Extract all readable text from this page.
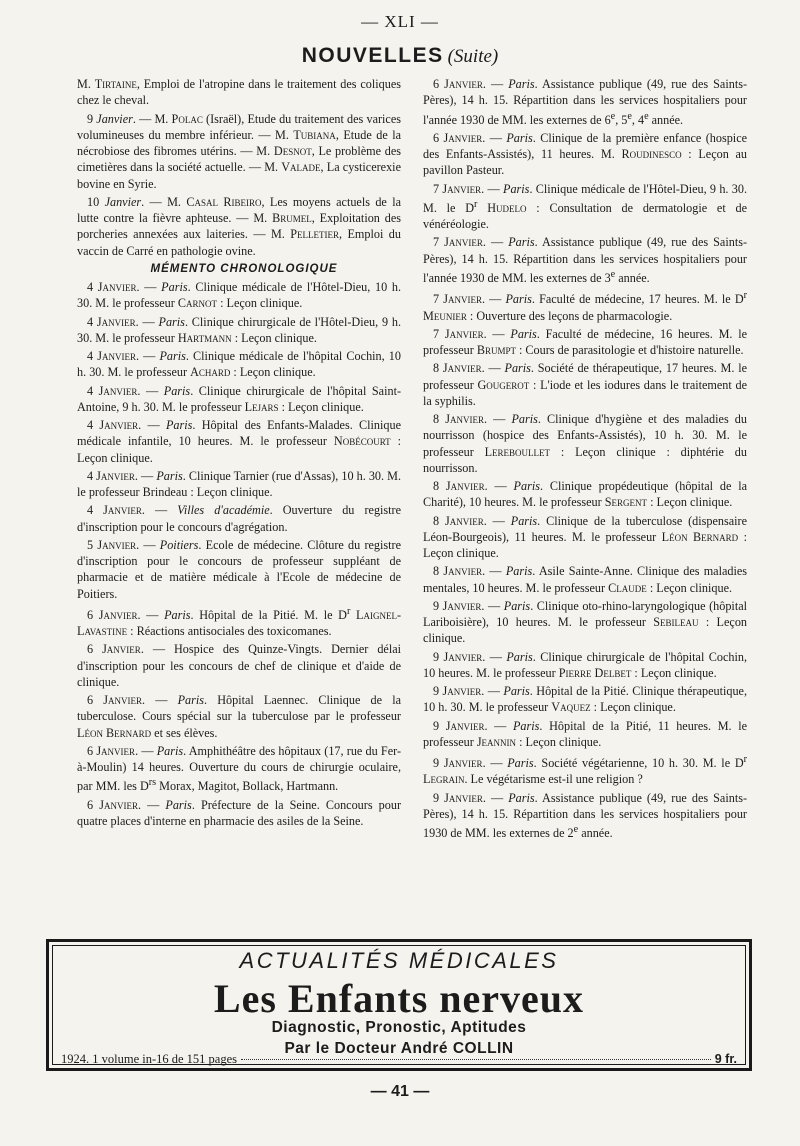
— XLI —
NOUVELLES (Suite)

M. Tirtaine, Emploi de l'atropine dans le traitement des coliques chez le cheval.

9 Janvier. — M. Polac (Israël), Etude du traitement des varices volumineuses du membre inférieur. — M. Tubiana, Etude de la nécrobiose des fibromes utérins. — M. Desnot, Le problème des cimetières dans la société actuelle. — M. Valade, La cysticerexie bovine en Syrie.

10 Janvier. — M. Casal Ribeiro, Les moyens actuels de la lutte contre la fièvre aphteuse. — M. Brumel, Exploitation des porcheries annexées aux laiteries. — M. Pelletier, Emploi du vaccin de Carré en pathologie ovine.

MÉMENTO CHRONOLOGIQUE

4 Janvier. — Paris. Clinique médicale de l'Hôtel-Dieu, 10 h. 30. M. le professeur Carnot : Leçon clinique.

4 Janvier. — Paris. Clinique chirurgicale de l'Hôtel-Dieu, 9 h. 30. M. le professeur Hartmann : Leçon clinique.

4 Janvier. — Paris. Clinique médicale de l'hôpital Cochin, 10 h. 30. M. le professeur Achard : Leçon clinique.

4 Janvier. — Paris. Clinique chirurgicale de l'hôpital Saint-Antoine, 9 h. 30. M. le professeur Lejars : Leçon clinique.

4 Janvier. — Paris. Hôpital des Enfants-Malades. Clinique médicale infantile, 10 heures. M. le professeur Nobécourt : Leçon clinique.

4 Janvier. — Paris. Clinique Tarnier (rue d'Assas), 10 h. 30. M. le professeur Brindeau : Leçon clinique.

4 Janvier. — Villes d'académie. Ouverture du registre d'inscription pour le concours d'agrégation.

5 Janvier. — Poitiers. Ecole de médecine. Clôture du registre d'inscription pour le concours de professeur suppléant de pharmacie et de matière médicale à l'Ecole de médecine de Poitiers.

6 Janvier. — Paris. Hôpital de la Pitié. M. le $D^r$ Laignel-Lavastine : Réactions antisociales des toxicomanes.

6 Janvier. — Hospice des Quinze-Vingts. Dernier délai d'inscription pour les concours de chef de clinique et d'aide de clinique.

6 Janvier. — Paris. Hôpital Laennec. Clinique de la tuberculose. Cours spécial sur la tuberculose par le professeur Léon Bernard et ses élèves.

6 Janvier. — Paris. Amphithéâtre des hôpitaux (17, rue du Fer-à-Moulin) 14 heures. Ouverture du cours de chirurgie oculaire, par MM. les $D^{rs}$ Morax, Magitot, Bollack, Hartmann.

6 Janvier. — Paris. Préfecture de la Seine. Concours pour quatre places d'interne en pharmacie des asiles de la Seine.

6 Janvier. — Paris. Assistance publique (49, rue des Saints-Pères), 14 h. 15. Répartition dans les services hospitaliers pour l'année 1930 de MM. les externes de 6e, 5e, 4e année.

6 Janvier. — Paris. Clinique de la première enfance (hospice des Enfants-Assistés), 11 heures. M. Roudinesco : Leçon au pavillon Pasteur.

7 Janvier. — Paris. Clinique médicale de l'Hôtel-Dieu, 9 h. 30. M. le $D^r$ Hudelo : Consultation de dermatologie et de vénéréologie.

7 Janvier. — Paris. Assistance publique (49, rue des Saints-Pères), 14 h. 15. Répartition dans les services hospitaliers pour l'année 1930 de MM. les externes de 3e année.

7 Janvier. — Paris. Faculté de médecine, 17 heures. M. le $D^r$ Meunier : Ouverture des leçons de pharmacologie.

7 Janvier. — Paris. Faculté de médecine, 16 heures. M. le professeur Brumpt : Cours de parasitologie et d'histoire naturelle.

8 Janvier. — Paris. Société de thérapeutique, 17 heures. M. le professeur Gougerot : L'iode et les iodures dans le traitement de la syphilis.

8 Janvier. — Paris. Clinique d'hygiène et des maladies du nourrisson (hospice des Enfants-Assistés), 10 h. 30. M. le professeur Lereboullet : Leçon clinique : diphtérie du nourrisson.

8 Janvier. — Paris. Clinique propédeutique (hôpital de la Charité), 10 heures. M. le professeur Sergent : Leçon clinique.

8 Janvier. — Paris. Clinique de la tuberculose (dispensaire Léon-Bourgeois), 11 heures. M. le professeur Léon Bernard : Leçon clinique.

8 Janvier. — Paris. Asile Sainte-Anne. Clinique des maladies mentales, 10 heures. M. le professeur Claude : Leçon clinique.

9 Janvier. — Paris. Clinique oto-rhino-laryngologique (hôpital Lariboisière), 10 heures. M. le professeur Sebileau : Leçon clinique.

9 Janvier. — Paris. Clinique chirurgicale de l'hôpital Cochin, 10 heures. M. le professeur Pierre Delbet : Leçon clinique.

9 Janvier. — Paris. Hôpital de la Pitié. Clinique thérapeutique, 10 h. 30. M. le professeur Vaquez : Leçon clinique.

9 Janvier. — Paris. Hôpital de la Pitié, 11 heures. M. le professeur Jeannin : Leçon clinique.

9 Janvier. — Paris. Société végétarienne, 10 h. 30. M. le $D^r$ Legrain. Le végétarisme est-il une religion ?

9 Janvier. — Paris. Assistance publique (49, rue des Saints-Pères), 14 h. 15. Répartition dans les services hospitaliers pour 1930 de MM. les externes de 2e année.

ACTUALITÉS MÉDICALES
Les Enfants nerveux
Diagnostic, Pronostic, Aptitudes
Par le Docteur André COLLIN
1924. 1 volume in-16 de 151 pages	9 fr.
— 41 —
